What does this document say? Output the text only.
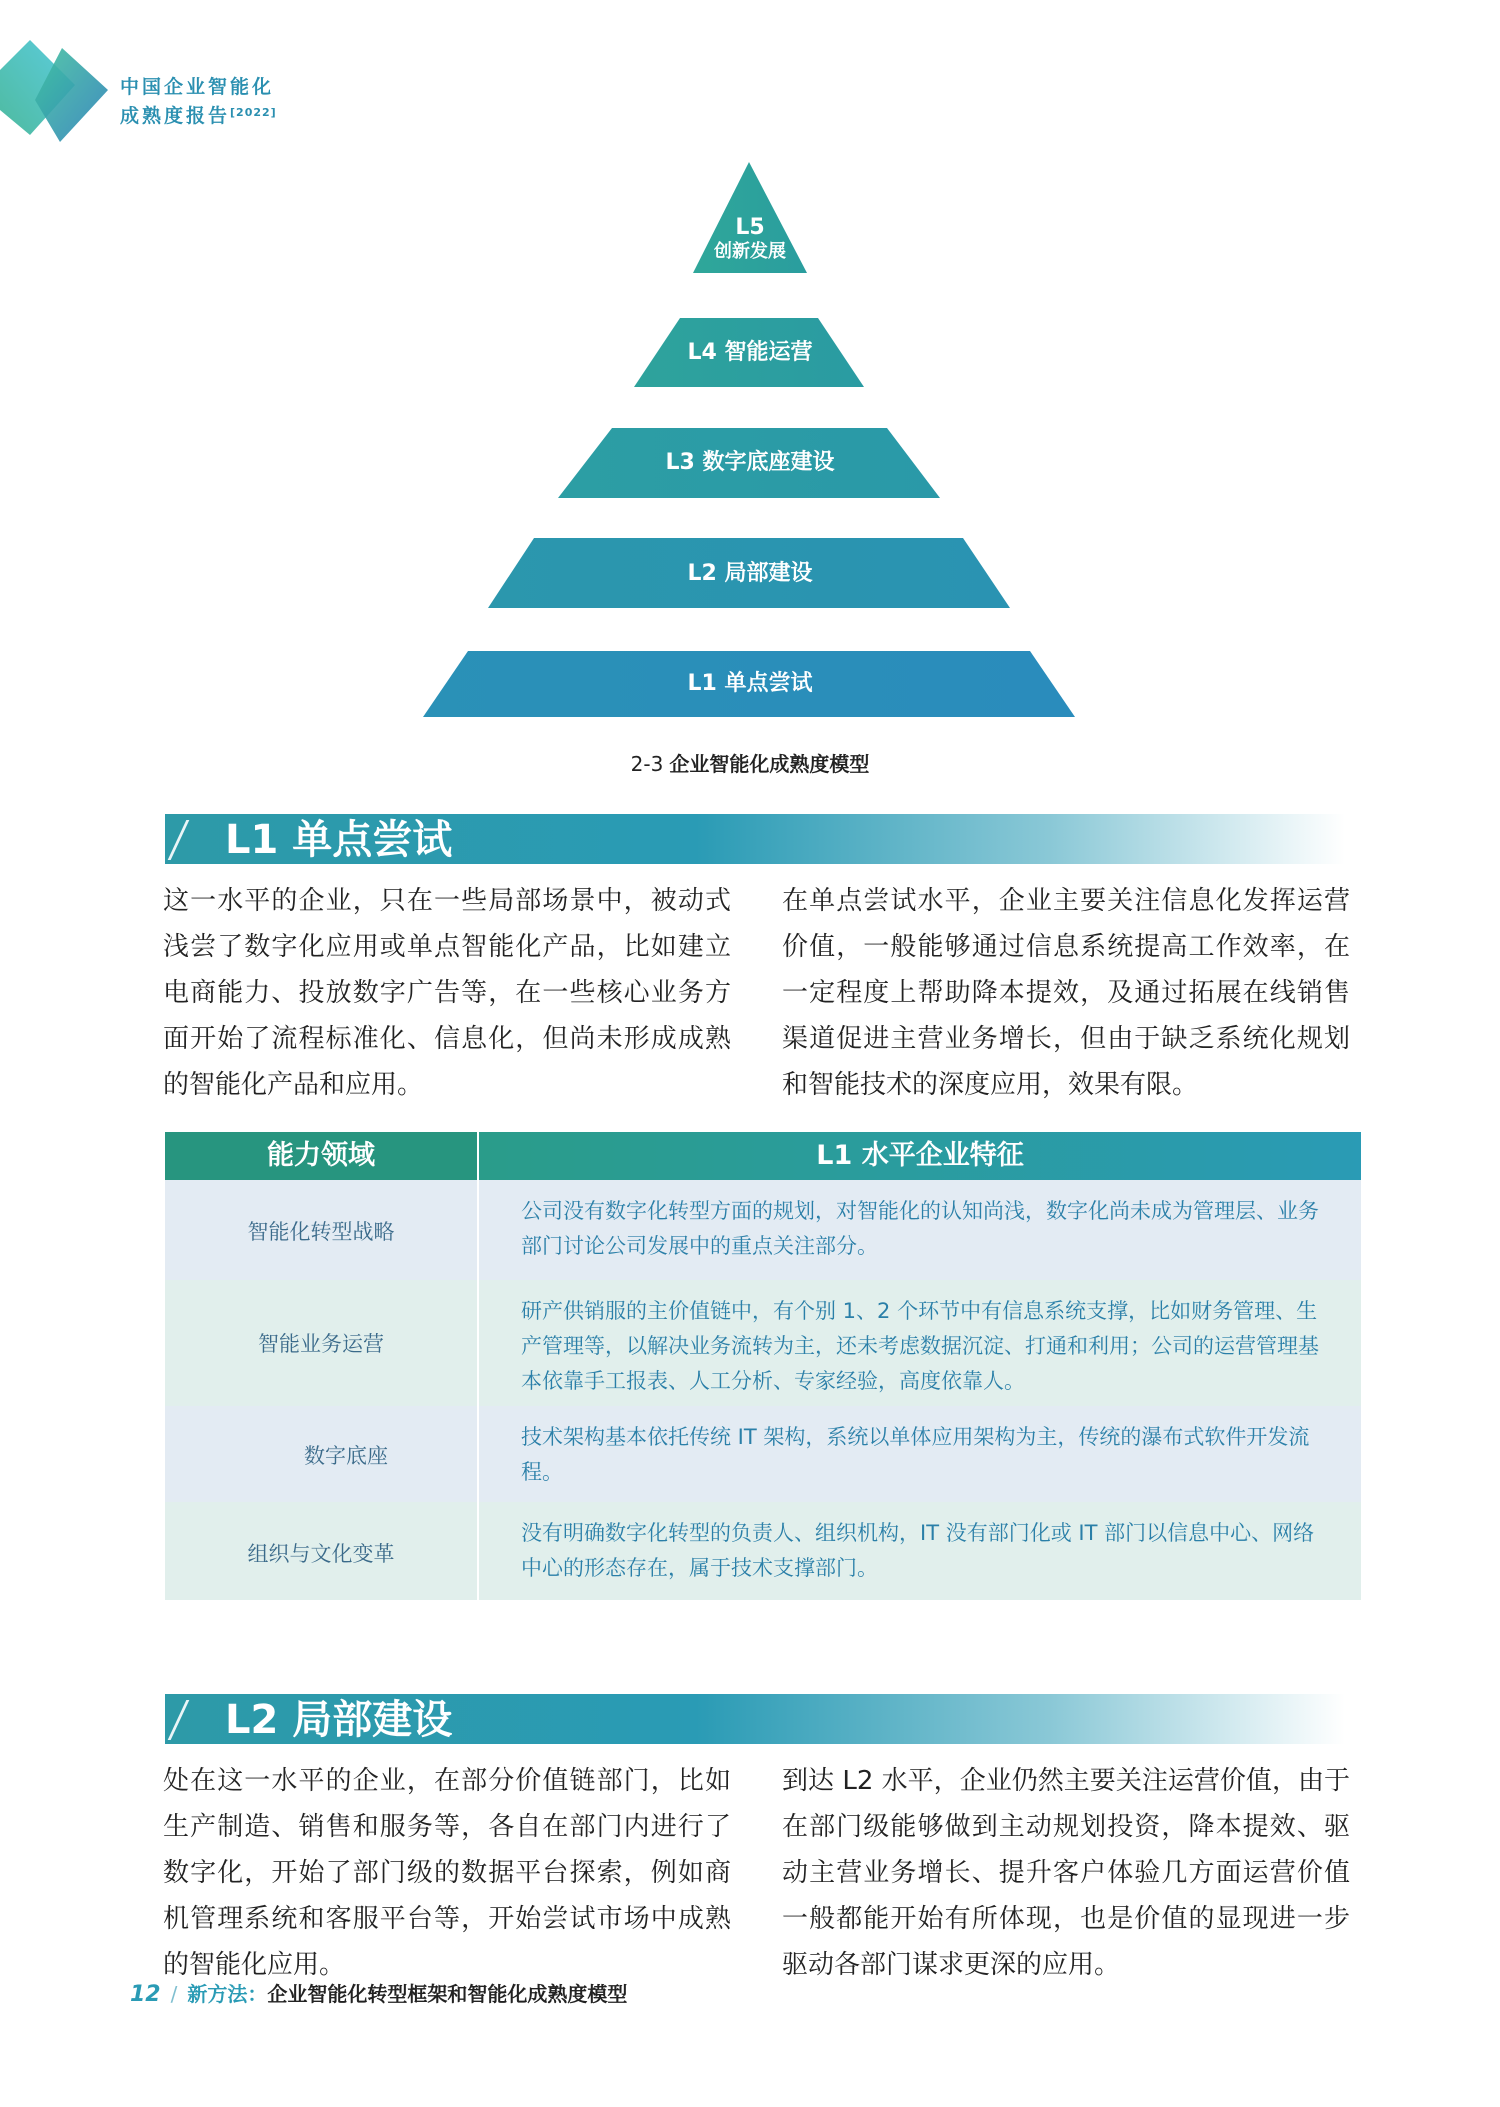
中国企业智能化
成熟度报告[2022]
L5
创新发展
L4 智能运营
L3 数字底座建设
L2 局部建设
L1 单点尝试
2-3 企业智能化成熟度模型
L1 单点尝试
这一水平的企业，只在一些局部场景中，被动式浅尝了数字化应用或单点智能化产品，比如建立电商能力、投放数字广告等，在一些核心业务方面开始了流程标准化、信息化，但尚未形成成熟的智能化产品和应用。
在单点尝试水平，企业主要关注信息化发挥运营价值，一般能够通过信息系统提高工作效率，在一定程度上帮助降本提效，及通过拓展在线销售渠道促进主营业务增长，但由于缺乏系统化规划和智能技术的深度应用，效果有限。
能力领域	L1 水平企业特征
智能化转型战略
公司没有数字化转型方面的规划，对智能化的认知尚浅，数字化尚未成为管理层、业务部门讨论公司发展中的重点关注部分。
智能业务运营
研产供销服的主价值链中，有个别 1、2 个环节中有信息系统支撑，比如财务管理、生产管理等，以解决业务流转为主，还未考虑数据沉淀、打通和利用；公司的运营管理基本依靠手工报表、人工分析、专家经验，高度依靠人。
数字底座
技术架构基本依托传统 IT 架构，系统以单体应用架构为主，传统的瀑布式软件开发流程。
组织与文化变革
没有明确数字化转型的负责人、组织机构，IT 没有部门化或 IT 部门以信息中心、网络中心的形态存在，属于技术支撑部门。
L2 局部建设
处在这一水平的企业，在部分价值链部门，比如生产制造、销售和服务等，各自在部门内进行了数字化，开始了部门级的数据平台探索，例如商机管理系统和客服平台等，开始尝试市场中成熟的智能化应用。
到达 L2 水平，企业仍然主要关注运营价值，由于在部门级能够做到主动规划投资，降本提效、驱动主营业务增长、提升客户体验几方面运营价值一般都能开始有所体现，也是价值的显现进一步驱动各部门谋求更深的应用。
12 / 新方法：企业智能化转型框架和智能化成熟度模型
